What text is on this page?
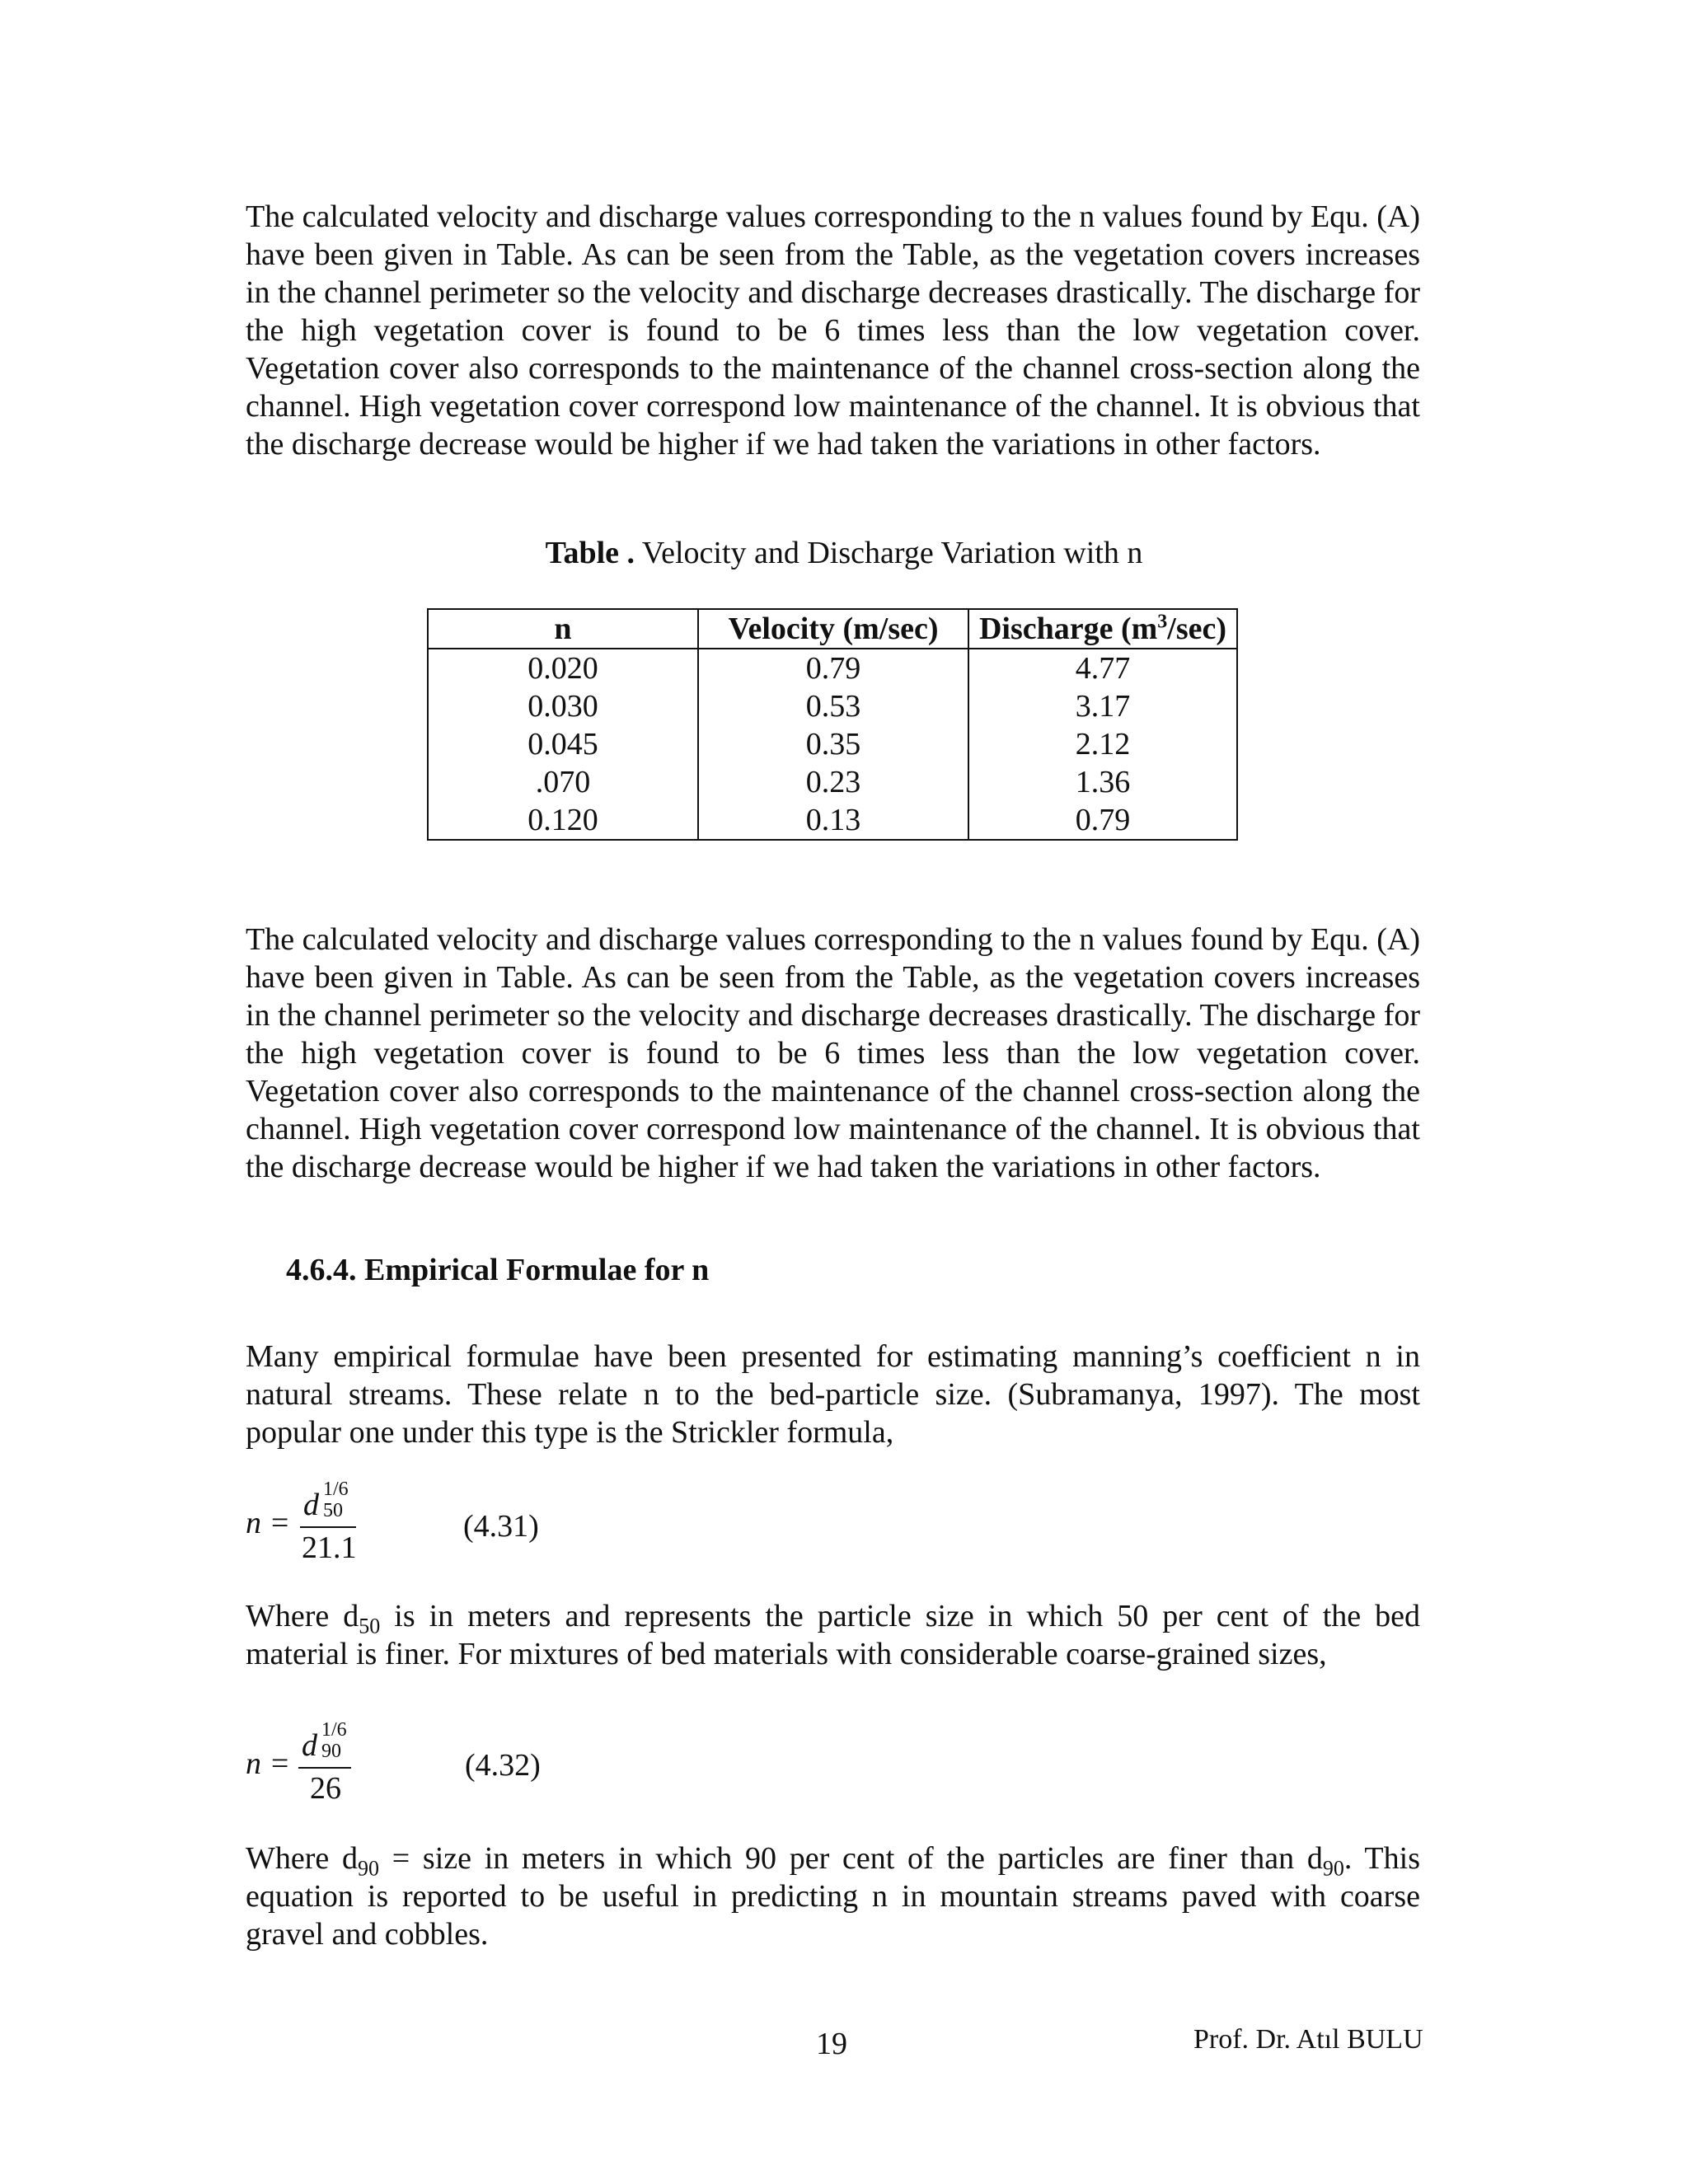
The calculated velocity and discharge values corresponding to the n values found by Equ. (A) have been given in Table. As can be seen from the Table, as the vegetation covers increases in the channel perimeter so the velocity and discharge decreases drastically. The discharge for the high vegetation cover is found to be 6 times less than the low vegetation cover. Vegetation cover also corresponds to the maintenance of the channel cross-section along the channel. High vegetation cover correspond low maintenance of the channel. It is obvious that the discharge decrease would be higher if we had taken the variations in other factors.

Table . Velocity and Discharge Variation with n
n	Velocity (m/sec)	Discharge $(m^3/\sec)$
0.020	0.79	4.77
0.030	0.53	3.17
0.045	0.35	2.12
.070	0.23	1.36
0.120	0.13	0.79

The calculated velocity and discharge values corresponding to the n values found by Equ. (A) have been given in Table. As can be seen from the Table, as the vegetation covers increases in the channel perimeter so the velocity and discharge decreases drastically. The discharge for the high vegetation cover is found to be 6 times less than the low vegetation cover. Vegetation cover also corresponds to the maintenance of the channel cross-section along the channel. High vegetation cover correspond low maintenance of the channel. It is obvious that the discharge decrease would be higher if we had taken the variations in other factors.

4.6.4. Empirical Formulae for n

Many empirical formulae have been presented for estimating manning’s coefficient n in natural streams. These relate n to the bed-particle size. (Subramanya, 1997). The most popular one under this type is the Strickler formula,

n =
d 1/6
50
21.1
(4.31)

Where $d_{50}$ is in meters and represents the particle size in which 50 per cent of the bed material is finer. For mixtures of bed materials with considerable coarse-grained sizes,

n =
d 1/6
90
26
(4.32)

Where $d_{90}$ = size in meters in which 90 per cent of the particles are finer than $d_{90}$. This equation is reported to be useful in predicting n in mountain streams paved with coarse gravel and cobbles.

19	Prof. Dr. Atıl BULU
